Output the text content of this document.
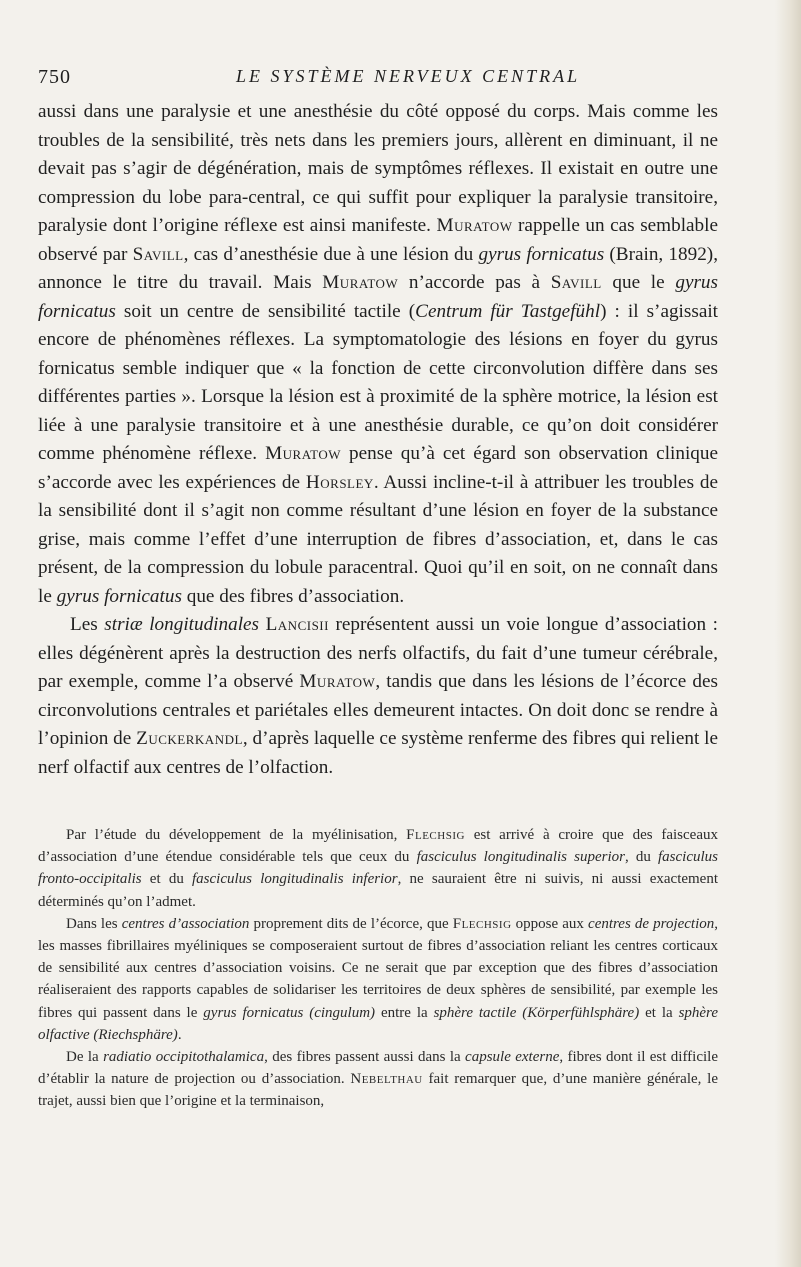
750	LE SYSTÈME NERVEUX CENTRAL

aussi dans une paralysie et une anesthésie du côté opposé du corps. Mais comme les troubles de la sensibilité, très nets dans les premiers jours, allèrent en diminuant, il ne devait pas s’agir de dégénération, mais de symptômes réflexes. Il existait en outre une compression du lobe para-central, ce qui suffit pour expliquer la paralysie transitoire, paralysie dont l’origine réflexe est ainsi manifeste. Muratow rappelle un cas semblable observé par Savill, cas d’anesthésie due à une lésion du gyrus fornicatus (Brain, 1892), annonce le titre du travail. Mais Muratow n’accorde pas à Savill que le gyrus fornicatus soit un centre de sensibilité tactile (Centrum für Tastgefühl) : il s’agissait encore de phénomènes réflexes. La symptomatologie des lésions en foyer du gyrus fornicatus semble indiquer que « la fonction de cette circonvolution diffère dans ses différentes parties ». Lorsque la lésion est à proximité de la sphère motrice, la lésion est liée à une paralysie transitoire et à une anesthésie durable, ce qu’on doit considérer comme phénomène réflexe. Muratow pense qu’à cet égard son observation clinique s’accorde avec les expériences de Horsley. Aussi incline-t-il à attribuer les troubles de la sensibilité dont il s’agit non comme résultant d’une lésion en foyer de la substance grise, mais comme l’effet d’une interruption de fibres d’association, et, dans le cas présent, de la compression du lobule paracentral. Quoi qu’il en soit, on ne connaît dans le gyrus fornicatus que des fibres d’association.

Les striæ longitudinales Lancisii représentent aussi un voie longue d’association : elles dégénèrent après la destruction des nerfs olfactifs, du fait d’une tumeur cérébrale, par exemple, comme l’a observé Muratow, tandis que dans les lésions de l’écorce des circonvolutions centrales et pariétales elles demeurent intactes. On doit donc se rendre à l’opinion de Zuckerkandl, d’après laquelle ce système renferme des fibres qui relient le nerf olfactif aux centres de l’olfaction.

Par l’étude du développement de la myélinisation, Flechsig est arrivé à croire que des faisceaux d’association d’une étendue considérable tels que ceux du fasciculus longitudinalis superior, du fasciculus fronto-occipitalis et du fasciculus longitudinalis inferior, ne sauraient être ni suivis, ni aussi exactement déterminés qu’on l’admet.

Dans les centres d’association proprement dits de l’écorce, que Flechsig oppose aux centres de projection, les masses fibrillaires myéliniques se composeraient surtout de fibres d’association reliant les centres corticaux de sensibilité aux centres d’association voisins. Ce ne serait que par exception que des fibres d’association réaliseraient des rapports capables de solidariser les territoires de deux sphères de sensibilité, par exemple les fibres qui passent dans le gyrus fornicatus (cingulum) entre la sphère tactile (Körperfühlsphäre) et la sphère olfactive (Riechsphäre).

De la radiatio occipitothalamica, des fibres passent aussi dans la capsule externe, fibres dont il est difficile d’établir la nature de projection ou d’association. Nebelthau fait remarquer que, d’une manière générale, le trajet, aussi bien que l’origine et la terminaison,
